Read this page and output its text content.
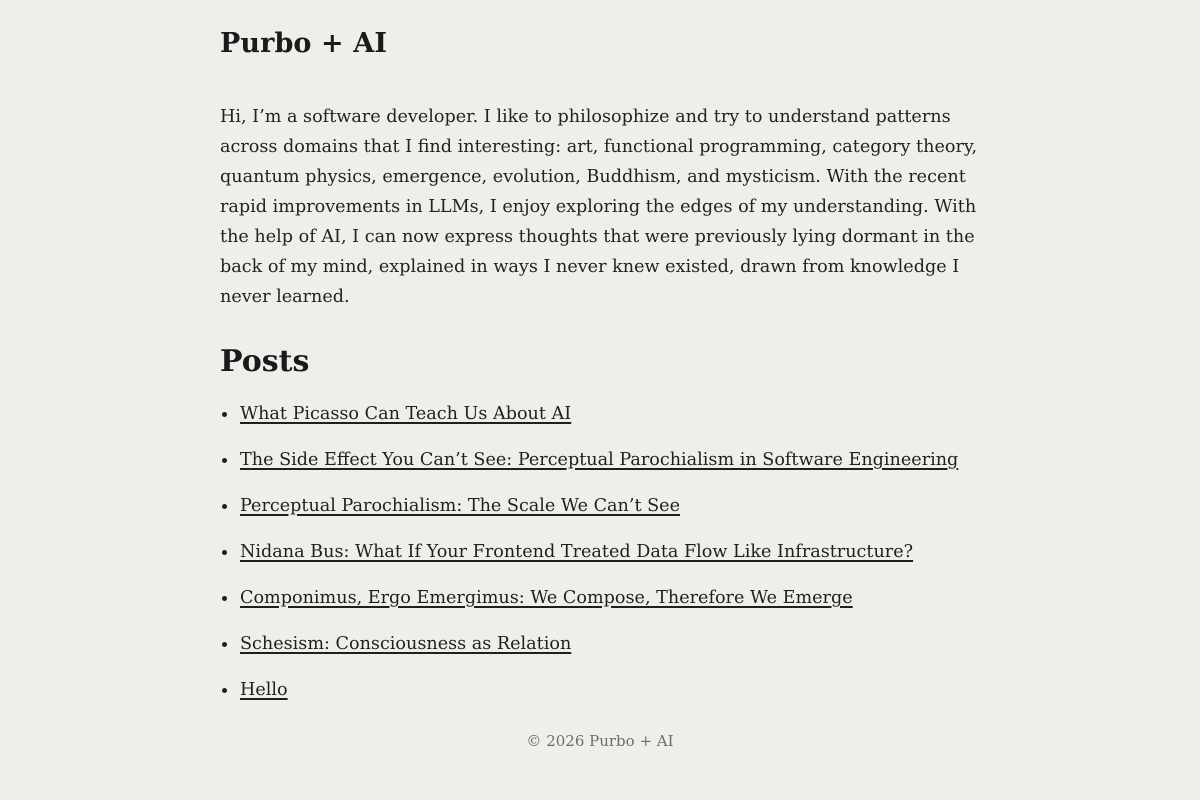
Purbo + AI

Hi, I’m a software developer. I like to philosophize and try to understand patterns across domains that I find interesting: art, functional programming, category theory, quantum physics, emergence, evolution, Buddhism, and mysticism. With the recent rapid improvements in LLMs, I enjoy exploring the edges of my understanding. With the help of AI, I can now express thoughts that were previously lying dormant in the back of my mind, explained in ways I never knew existed, drawn from knowledge I never learned.

Posts
What Picasso Can Teach Us About AI
The Side Effect You Can’t See: Perceptual Parochialism in Software Engineering
Perceptual Parochialism: The Scale We Can’t See
Nidana Bus: What If Your Frontend Treated Data Flow Like Infrastructure?
Componimus, Ergo Emergimus: We Compose, Therefore We Emerge
Schesism: Consciousness as Relation
Hello
© 2026 Purbo + AI
